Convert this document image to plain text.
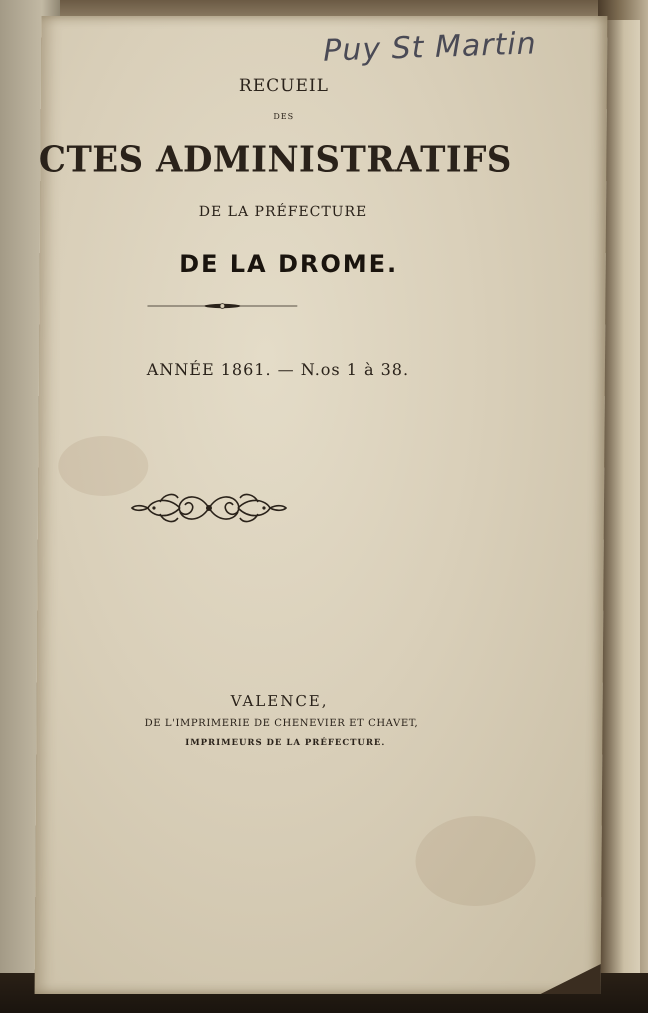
Puy St Martin
RECUEIL
DES
CTES ADMINISTRATIFS
DE LA PRÉFECTURE
DE LA DROME.
ANNÉE 1861. — N.os 1 à 38.
VALENCE,
DE L'IMPRIMERIE DE CHENEVIER ET CHAVET,
IMPRIMEURS DE LA PRÉFECTURE.
